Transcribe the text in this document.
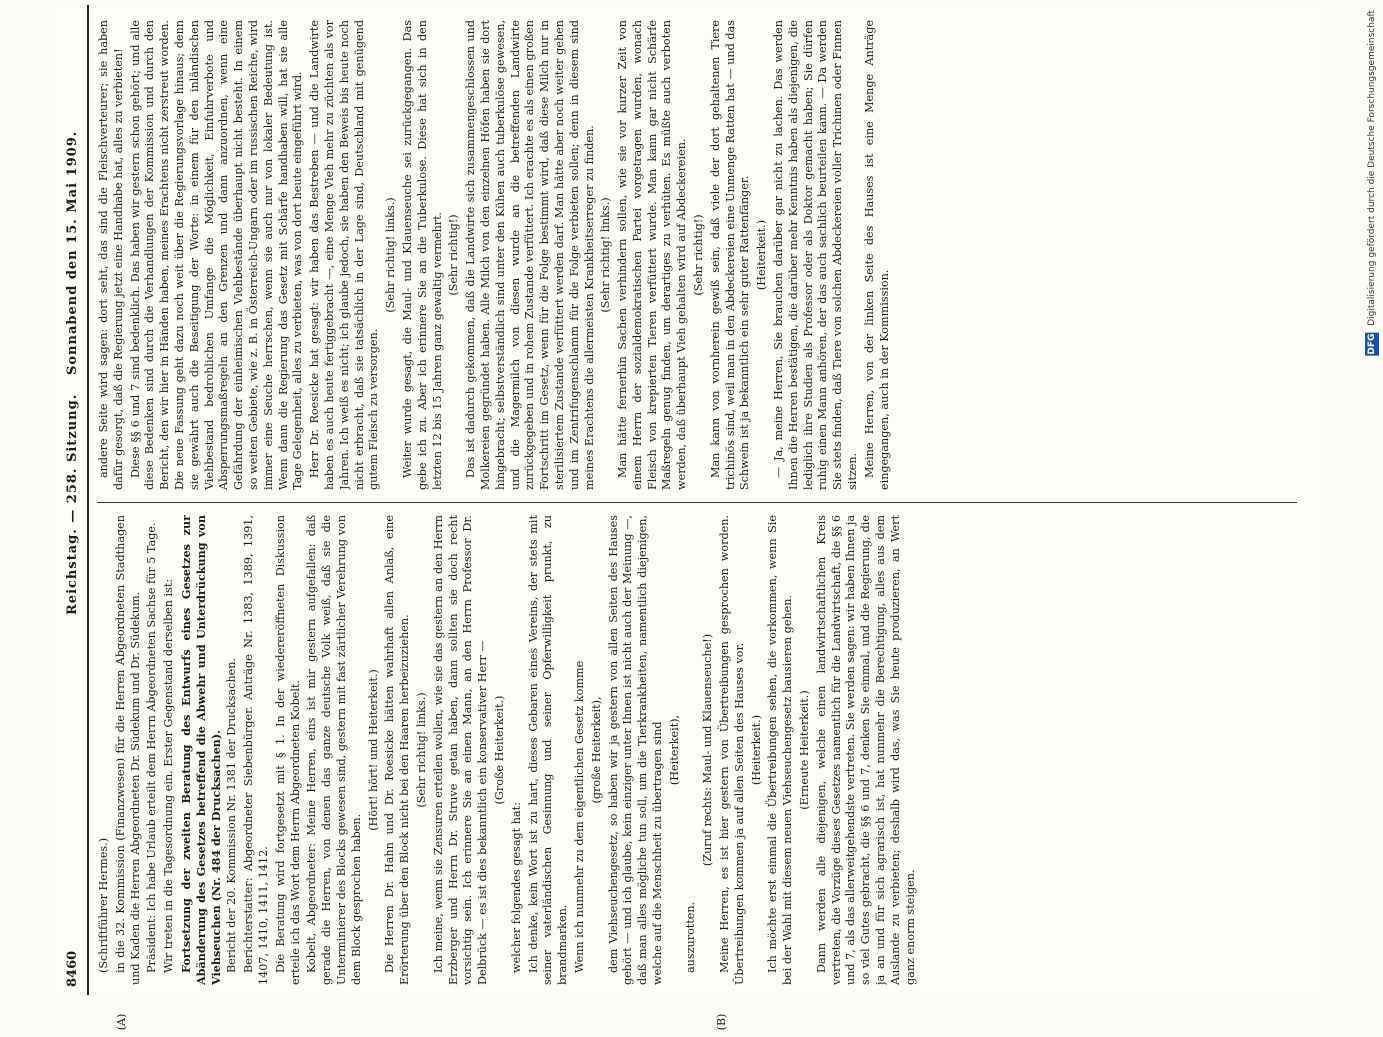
8460
Reichstag. — 258. Sitzung.
Sonnabend den 15. Mai 1909.

(Schriftführer Hermes.) in die 32. Kommission (Finanzwesen) für die Herren Abgeordneten Stadthagen und Kaden die Herren Abgeordneten Dr. Südekum und Dr. Südekum. Präsident: Ich habe Urlaub erteilt dem Herrn Abgeordneten Sachse für 5 Tage. Wir treten in die Tagesordnung ein. Erster Gegenstand derselben ist: Fortsetzung der zweiten Beratung des Entwurfs eines Gesetzes zur Abänderung des Gesetzes betreffend die Abwehr und Unterdrückung von Viehseuchen (Nr. 484 der Drucksachen). Bericht der 20. Kommission Nr. 1381 der Drucksachen. Berichterstatter: Abgeordneter Siebenbürger. Anträge Nr. 1383, 1389, 1391, 1407, 1410, 1411, 1412. Die Beratung wird fortgesetzt mit § 1. In der wiedereröffneten Diskussion erteile ich das Wort dem Herrn Abgeordneten Kobelt. Kobelt, Abgeordneter: Meine Herren, eins ist mir gestern aufgefallen: daß gerade die Herren, von denen das ganze deutsche Volk weiß, daß sie die Unterminierer des Blocks gewesen sind, gestern mit fast zärtlicher Verehrung von dem Block gesprochen haben.

(Hört! hört! und Heiterkeit.) Die Herren Dr. Hahn und Dr. Roesicke hätten wahrhaft allen Anlaß, eine Erörterung über den Block nicht bei den Haaren herbeizuziehen. (Sehr richtig! links.) Ich meine, wenn sie Zensuren erteilen wollen, wie sie das gestern an den Herrn Erzberger und Herrn Dr. Struve getan haben, dann sollten sie doch recht vorsichtig sein. Ich erinnere Sie an einen Mann, an den Herrn Professor Dr. Delbrück — es ist dies bekanntlich ein konservativer Herr — (Große Heiterkeit.)

welcher folgendes gesagt hat: Ich denke, kein Wort ist zu hart, dieses Gebaren eines Vereins, der stets mit seiner vaterländischen Gesinnung und seiner Opferwilligkeit prunkt, zu brandmarken. Wenn ich nunmehr zu dem eigentlichen Gesetz komme (große Heiterkeit), dem Viehseuchengesetz, so haben wir ja gestern von allen Seiten des Hauses gehört — und ich glaube, kein einziger unter Ihnen ist nicht auch der Meinung —, daß man alles mögliche tun soll, um die Tierkrankheiten, namentlich diejenigen, welche auf die Menschheit zu übertragen sind (Heiterkeit),

auszurotten.

(Zuruf rechts: Maul- und Klauenseuche!) Meine Herren, es ist hier gestern von Übertreibungen gesprochen worden. Übertreibungen kommen ja auf allen Seiten des Hauses vor. (Heiterkeit.) Ich möchte erst einmal die Übertreibungen sehen, die vorkommen, wenn Sie bei der Wahl mit diesem neuen Viehseuchengesetz hausieren gehen. (Erneute Heiterkeit.) Dann werden alle diejenigen, welche einen landwirtschaftlichen Kreis vertreten, die Vorzüge dieses Gesetzes namentlich für die Landwirtschaft, die §§ 6 und 7, als das allerweitgehendste vertreten. Sie werden sagen: wir haben Ihnen ja so viel Gutes gebracht, die §§ 6 und 7, denken Sie einmal, und die Regierung, die ja an und für sich agrarisch ist, hat nunmehr die Berechtigung, alles aus dem Auslande zu verbieten; deshalb wird das, was Sie heute produzieren, an Wert ganz enorm steigen.

andere Seite wird sagen: dort seht, das sind die Fleischverteurer; sie haben dafür gesorgt, daß die Regierung jetzt eine Handhabe hat, alles zu verbieten! Diese §§ 6 und 7 sind bedenklich. Das haben wir gestern schon gehört; und alle diese Bedenken sind durch die Verhandlungen der Kommission und durch den Bericht, den wir hier in Händen haben, meines Erachtens nicht zerstreut worden. Die neue Fassung geht dazu noch weit über die Regierungsvorlage hinaus; denn sie gewährt auch die Beseitigung der Worte: in einem für den inländischen Viehbestand bedrohlichen Umfange die Möglichkeit, Einfuhrverbote und Absperrungsmaßregeln an den Grenzen und dann anzuordnen, wenn eine Gefährdung der einheimischen Viehbestände überhaupt nicht besteht. In einem so weiten Gebiete, wie z. B. in Österreich-Ungarn oder im russischen Reiche, wird immer eine Seuche herrschen, wenn sie auch nur von lokaler Bedeutung ist. Wenn dann die Regierung das Gesetz mit Schärfe handhaben will, hat sie alle Tage Gelegenheit, alles zu verbieten, was von dort heute eingeführt wird. Herr Dr. Roesicke hat gesagt: wir haben das Bestreben — und die Landwirte haben es auch heute fertiggebracht —, eine Menge Vieh mehr zu züchten als vor Jahren. Ich weiß es nicht; ich glaube jedoch, sie haben den Beweis bis heute noch nicht erbracht, daß sie tatsächlich in der Lage sind, Deutschland mit genügend gutem Fleisch zu versorgen.

(Sehr richtig! links.) Weiter wurde gesagt, die Maul- und Klauenseuche sei zurückgegangen. Das gebe ich zu. Aber ich erinnere Sie an die Tuberkulose. Diese hat sich in den letzten 12 bis 15 Jahren ganz gewaltig vermehrt. (Sehr richtig!) Das ist dadurch gekommen, daß die Landwirte sich zusammengeschlossen und Molkereien gegründet haben. Alle Milch von den einzelnen Höfen haben sie dort hingebracht; selbstverständlich sind unter den Kühen auch tuberkulöse gewesen, und die Magermilch von diesen wurde an die betreffenden Landwirte zurückgegeben und in rohem Zustande verfüttert. Ich erachte es als einen großen Fortschritt im Gesetz, wenn für die Folge bestimmt wird, daß diese Milch nur in sterilisiertem Zustande verfüttert werden darf. Man hätte aber noch weiter gehen und im Zentrifugenschlamm für die Folge verbieten sollen; denn in diesem sind meines Erachtens die allermeisten Krankheitserreger zu finden. (Sehr richtig! links.) Man hätte fernerhin Sachen verhindern sollen, wie sie vor kurzer Zeit von einem Herrn der sozialdemokratischen Partei vorgetragen wurden, wonach Fleisch von krepierten Tieren verfüttert wurde. Man kann gar nicht Schärfe Maßregeln genug finden, um derartiges zu verhüten. Es müßte auch verboten werden, daß überhaupt Vieh gehalten wird auf Abdeckereien. (Sehr richtig!) Man kann von vornherein gewiß sein, daß viele der dort gehaltenen Tiere trichinös sind, weil man in den Abdeckereien eine Unmenge Ratten hat — und das Schwein ist ja bekanntlich ein sehr guter Rattenfänger. (Heiterkeit.) — Ja, meine Herren, Sie brauchen darüber gar nicht zu lachen. Das werden Ihnen die Herren bestätigen, die darüber mehr Kenntnis haben als diejenigen, die lediglich ihre Studien als Professor oder als Doktor gemacht haben; Sie dürfen ruhig einen Mann anhören, der das auch sachlich beurteilen kann. — Da werden Sie stets finden, daß Tiere von solchen Abdeckereien voller Trichinen oder Finnen sitzen. Meine Herren, von der linken Seite des Hauses ist eine Menge Anträge eingegangen, auch in der Kommission.

(A)	(B)
DFG Digitalisierung gefördert durch die Deutsche Forschungsgemeinschaft
